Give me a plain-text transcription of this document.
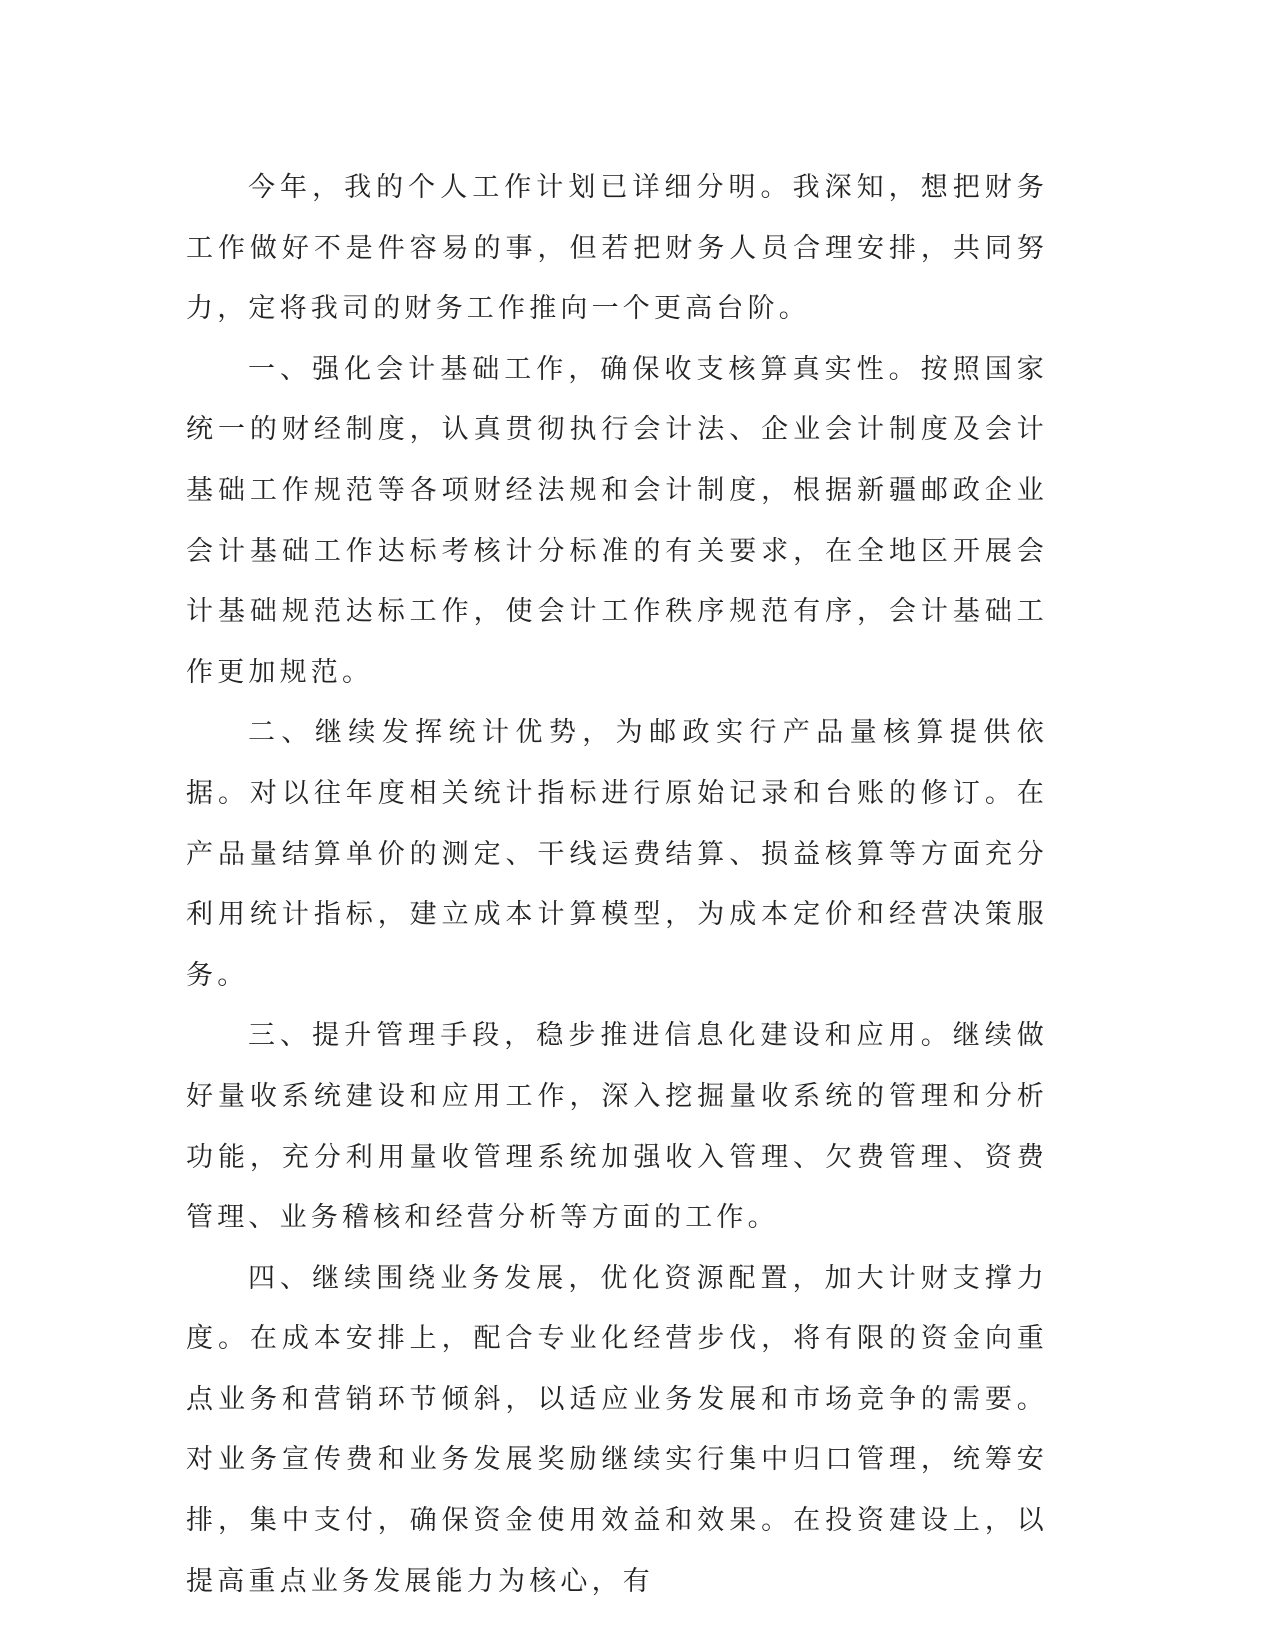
今年，我的个人工作计划已详细分明。我深知，想把财务工作做好不是件容易的事，但若把财务人员合理安排，共同努力，定将我司的财务工作推向一个更高台阶。

一、强化会计基础工作，确保收支核算真实性。按照国家统一的财经制度，认真贯彻执行会计法、企业会计制度及会计基础工作规范等各项财经法规和会计制度，根据新疆邮政企业会计基础工作达标考核计分标准的有关要求，在全地区开展会计基础规范达标工作，使会计工作秩序规范有序，会计基础工作更加规范。

二、继续发挥统计优势，为邮政实行产品量核算提供依据。对以往年度相关统计指标进行原始记录和台账的修订。在产品量结算单价的测定、干线运费结算、损益核算等方面充分利用统计指标，建立成本计算模型，为成本定价和经营决策服务。

三、提升管理手段，稳步推进信息化建设和应用。继续做好量收系统建设和应用工作，深入挖掘量收系统的管理和分析功能，充分利用量收管理系统加强收入管理、欠费管理、资费管理、业务稽核和经营分析等方面的工作。

四、继续围绕业务发展，优化资源配置，加大计财支撑力度。在成本安排上，配合专业化经营步伐，将有限的资金向重点业务和营销环节倾斜，以适应业务发展和市场竞争的需要。对业务宣传费和业务发展奖励继续实行集中归口管理，统筹安排，集中支付，确保资金使用效益和效果。在投资建设上，以提高重点业务发展能力为核心，有
